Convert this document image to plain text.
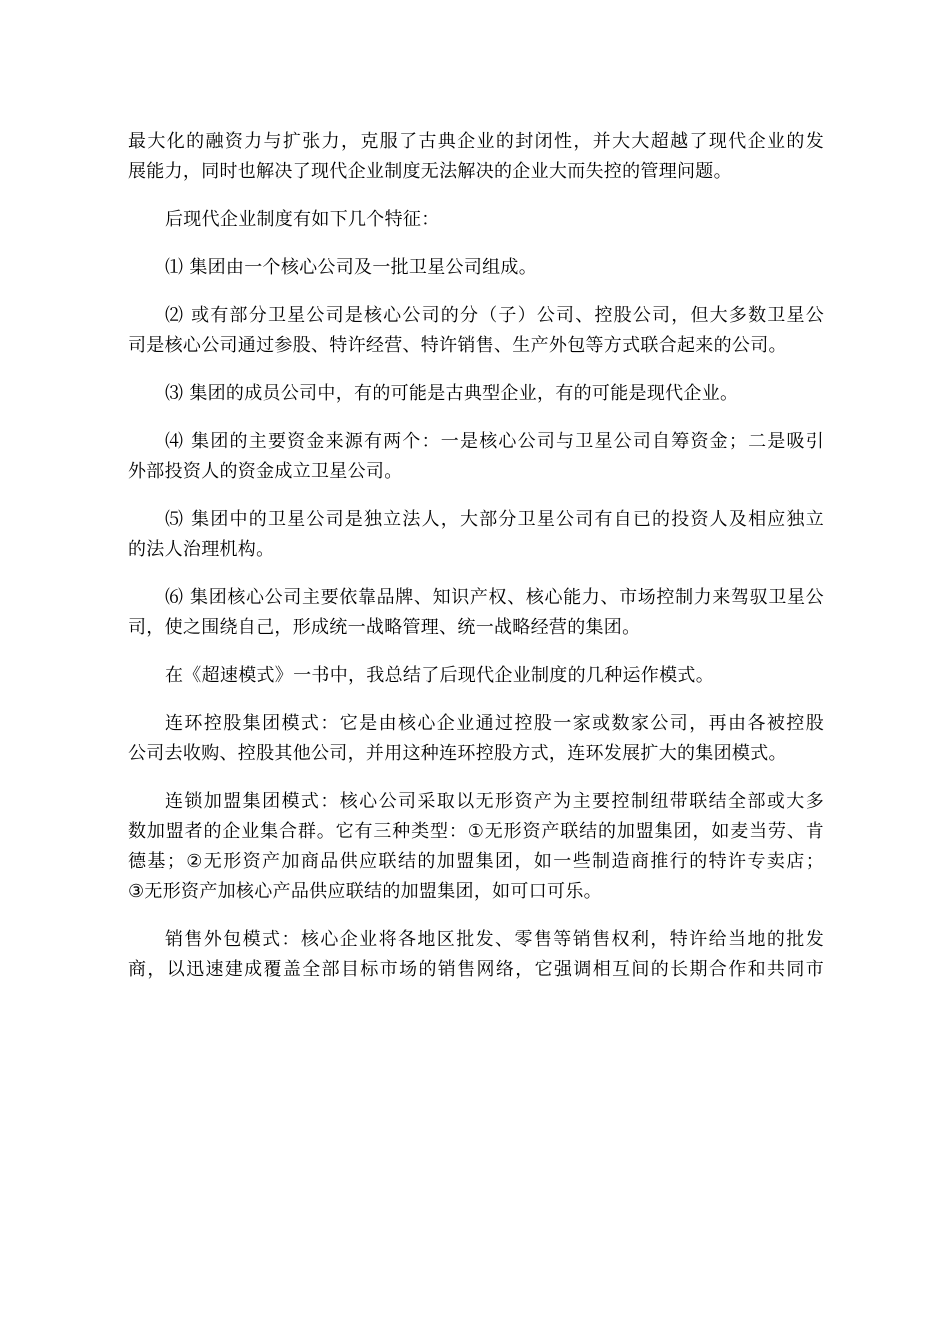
最大化的融资力与扩张力，克服了古典企业的封闭性，并大大超越了现代企业的发
展能力，同时也解决了现代企业制度无法解决的企业大而失控的管理问题。

后现代企业制度有如下几个特征：

⑴ 集团由一个核心公司及一批卫星公司组成。

⑵ 或有部分卫星公司是核心公司的分（子）公司、控股公司，但大多数卫星公
司是核心公司通过参股、特许经营、特许销售、生产外包等方式联合起来的公司。

⑶ 集团的成员公司中，有的可能是古典型企业，有的可能是现代企业。

⑷ 集团的主要资金来源有两个：一是核心公司与卫星公司自筹资金；二是吸引
外部投资人的资金成立卫星公司。

⑸ 集团中的卫星公司是独立法人，大部分卫星公司有自已的投资人及相应独立
的法人治理机构。

⑹ 集团核心公司主要依靠品牌、知识产权、核心能力、市场控制力来驾驭卫星公
司，使之围绕自己，形成统一战略管理、统一战略经营的集团。

在《超速模式》一书中，我总结了后现代企业制度的几种运作模式。

连环控股集团模式：它是由核心企业通过控股一家或数家公司，再由各被控股
公司去收购、控股其他公司，并用这种连环控股方式，连环发展扩大的集团模式。

连锁加盟集团模式：核心公司采取以无形资产为主要控制纽带联结全部或大多
数加盟者的企业集合群。它有三种类型：①无形资产联结的加盟集团，如麦当劳、肯
德基；②无形资产加商品供应联结的加盟集团，如一些制造商推行的特许专卖店；
③无形资产加核心产品供应联结的加盟集团，如可口可乐。

销售外包模式：核心企业将各地区批发、零售等销售权利，特许给当地的批发
商，以迅速建成覆盖全部目标市场的销售网络，它强调相互间的长期合作和共同市
